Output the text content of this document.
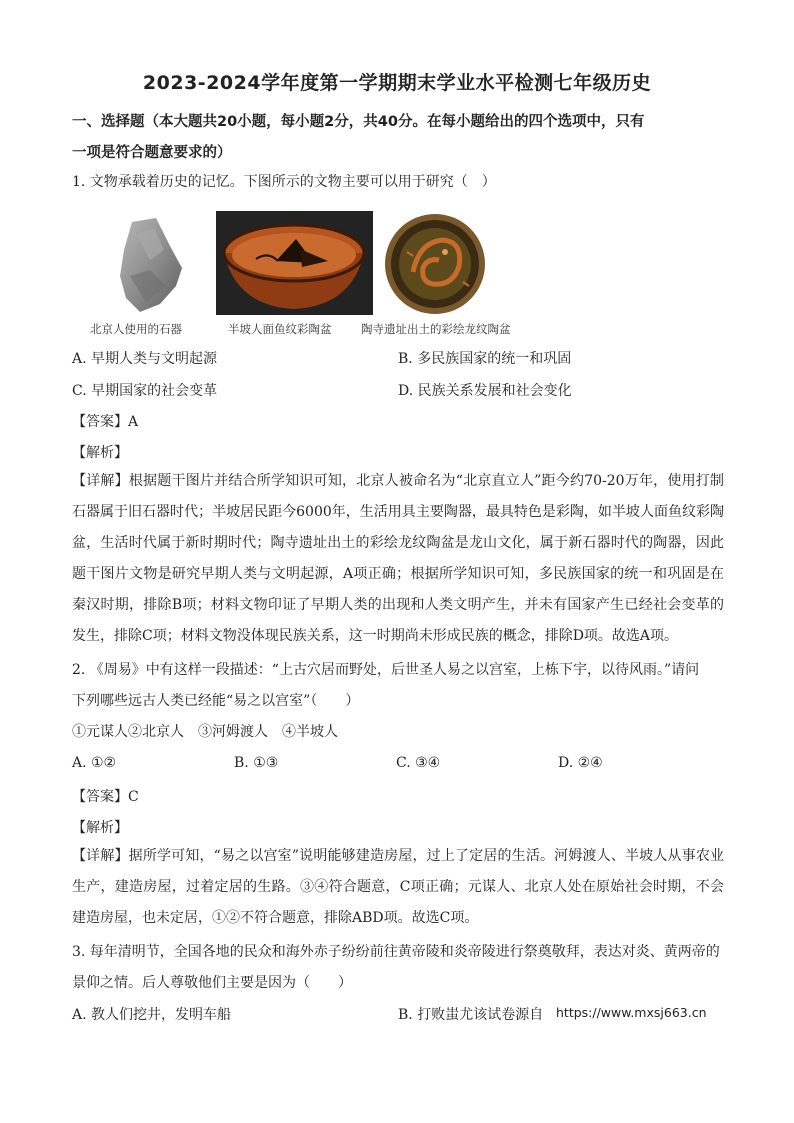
2023-2024学年度第一学期期末学业水平检测七年级历史
一、选择题（本大题共20小题，每小题2分，共40分。在每小题给出的四个选项中，只有
一项是符合题意要求的）
1. 文物承载着历史的记忆。下图所示的文物主要可以用于研究（　）
北京人使用的石器	半坡人面鱼纹彩陶盆	陶寺遗址出土的彩绘龙纹陶盆
A. 早期人类与文明起源	B. 多民族国家的统一和巩固
C. 早期国家的社会变革	D. 民族关系发展和社会变化
【答案】A
【解析】
【详解】根据题干图片并结合所学知识可知，北京人被命名为“北京直立人”距今约70-20万年，使用打制石器属于旧石器时代；半坡居民距今6000年，生活用具主要陶器，最具特色是彩陶，如半坡人面鱼纹彩陶盆，生活时代属于新时期时代；陶寺遗址出土的彩绘龙纹陶盆是龙山文化，属于新石器时代的陶器，因此题干图片文物是研究早期人类与文明起源，A项正确；根据所学知识可知，多民族国家的统一和巩固是在秦汉时期，排除B项；材料文物印证了早期人类的出现和人类文明产生，并未有国家产生已经社会变革的发生，排除C项；材料文物没体现民族关系，这一时期尚未形成民族的概念，排除D项。故选A项。
2. 《周易》中有这样一段描述：“上古穴居而野处，后世圣人易之以宫室，上栋下宇，以待风雨。”请问
下列哪些远古人类已经能“易之以宫室”（　　）
①元谋人②北京人　③河姆渡人　④半坡人
A. ①②	B. ①③	C. ③④	D. ②④
【答案】C
【解析】
【详解】据所学可知，“易之以宫室”说明能够建造房屋，过上了定居的生活。河姆渡人、半坡人从事农业生产，建造房屋，过着定居的生路。③④符合题意，C项正确；元谋人、北京人处在原始社会时期，不会建造房屋，也未定居，①②不符合题意，排除ABD项。故选C项。
3. 每年清明节，全国各地的民众和海外赤子纷纷前往黄帝陵和炎帝陵进行祭奠敬拜，表达对炎、黄两帝的
景仰之情。后人尊敬他们主要是因为（　　）
A. 教人们挖井，发明车船	B. 打败蚩尤该试卷源自 https://www.mxsj663.cn
